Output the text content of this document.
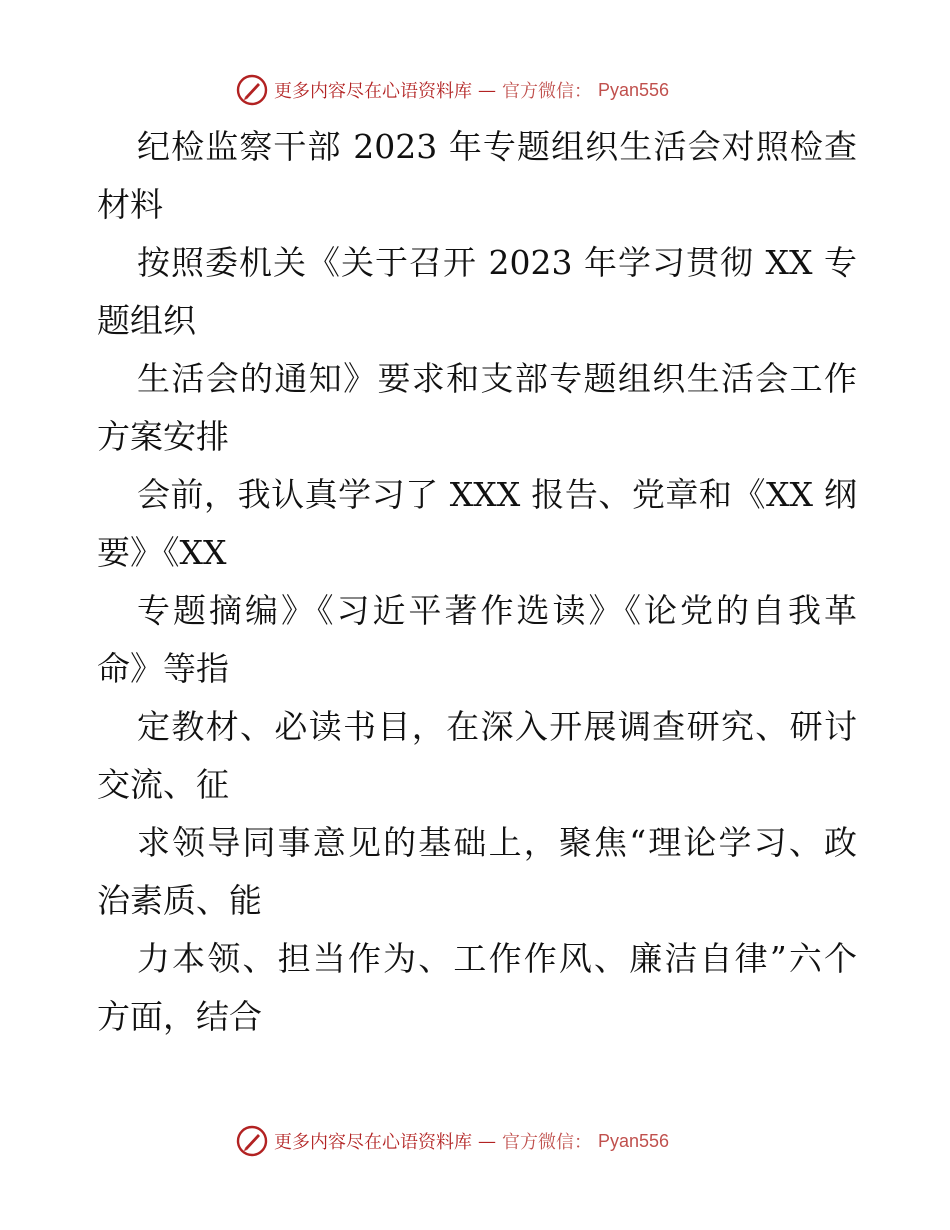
更多内容尽在心语资料库 — 官方微信： Pyan556
纪检监察干部 2023 年专题组织生活会对照检查
材料
按照委机关《关于召开 2023 年学习贯彻 XX 专
题组织
生活会的通知》要求和支部专题组织生活会工作
方案安排
会前，我认真学习了 XXX 报告、党章和《XX 纲
要》《XX
专题摘编》《习近平著作选读》《论党的自我革
命》等指
定教材、必读书目，在深入开展调查研究、研讨
交流、征
求领导同事意见的基础上，聚焦“理论学习、政
治素质、能
力本领、担当作为、工作作风、廉洁自律”六个
方面，结合
更多内容尽在心语资料库 — 官方微信： Pyan556
